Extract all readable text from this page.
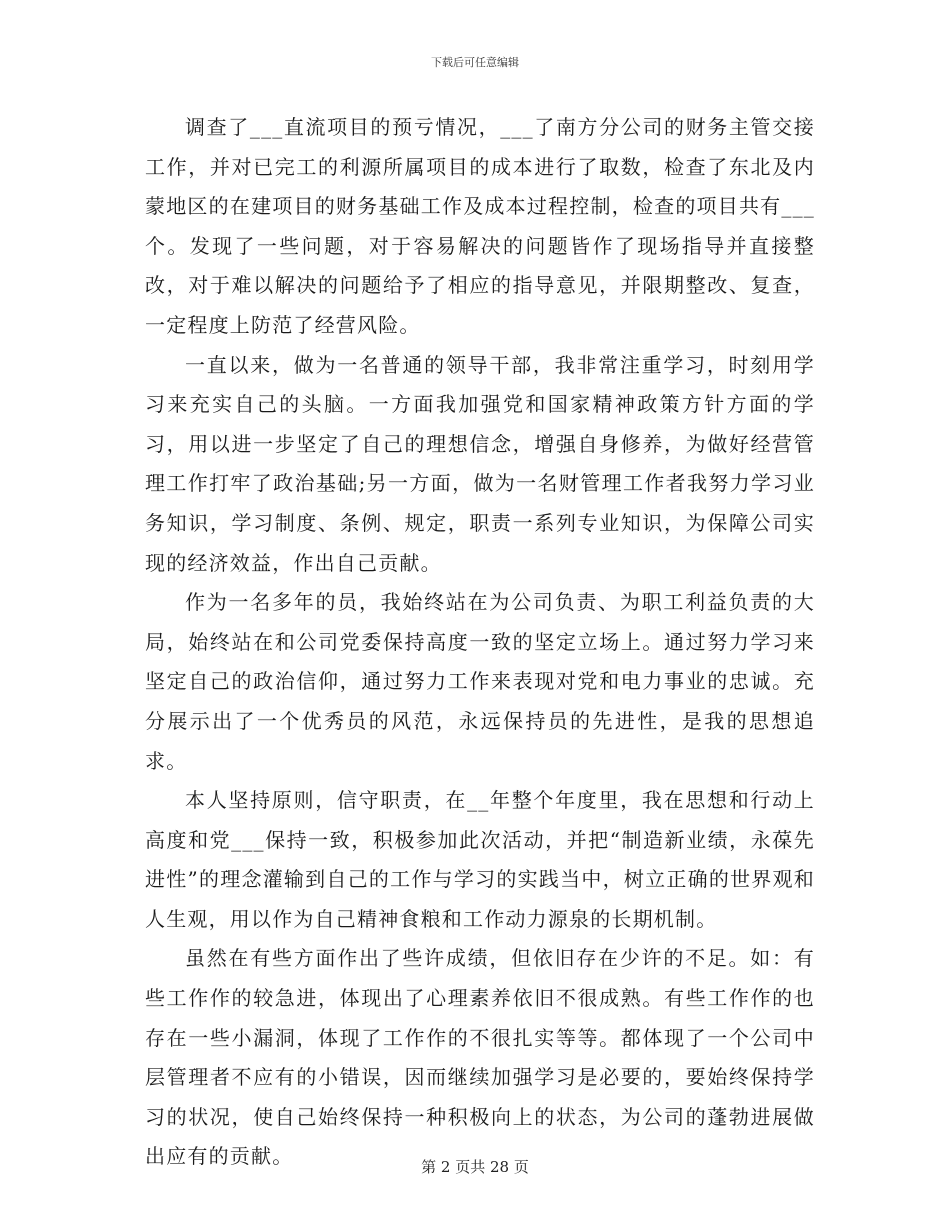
下载后可任意编辑

调查了___直流项目的预亏情况，___了南方分公司的财务主管交接工作，并对已完工的利源所属项目的成本进行了取数，检查了东北及内蒙地区的在建项目的财务基础工作及成本过程控制，检查的项目共有___个。发现了一些问题，对于容易解决的问题皆作了现场指导并直接整改，对于难以解决的问题给予了相应的指导意见，并限期整改、复查，一定程度上防范了经营风险。

一直以来，做为一名普通的领导干部，我非常注重学习，时刻用学习来充实自己的头脑。一方面我加强党和国家精神政策方针方面的学习，用以进一步坚定了自己的理想信念，增强自身修养，为做好经营管理工作打牢了政治基础;另一方面，做为一名财管理工作者我努力学习业务知识，学习制度、条例、规定，职责一系列专业知识，为保障公司实现的经济效益，作出自己贡献。

作为一名多年的员，我始终站在为公司负责、为职工利益负责的大局，始终站在和公司党委保持高度一致的坚定立场上。通过努力学习来坚定自己的政治信仰，通过努力工作来表现对党和电力事业的忠诚。充分展示出了一个优秀员的风范，永远保持员的先进性，是我的思想追求。

本人坚持原则，信守职责，在__年整个年度里，我在思想和行动上高度和党___保持一致，积极参加此次活动，并把“制造新业绩，永葆先进性”的理念灌输到自己的工作与学习的实践当中，树立正确的世界观和人生观，用以作为自己精神食粮和工作动力源泉的长期机制。

虽然在有些方面作出了些许成绩，但依旧存在少许的不足。如：有些工作作的较急进，体现出了心理素养依旧不很成熟。有些工作作的也存在一些小漏洞，体现了工作作的不很扎实等等。都体现了一个公司中层管理者不应有的小错误，因而继续加强学习是必要的，要始终保持学习的状况，使自己始终保持一种积极向上的状态，为公司的蓬勃进展做出应有的贡献。	第 2 页共 28 页
